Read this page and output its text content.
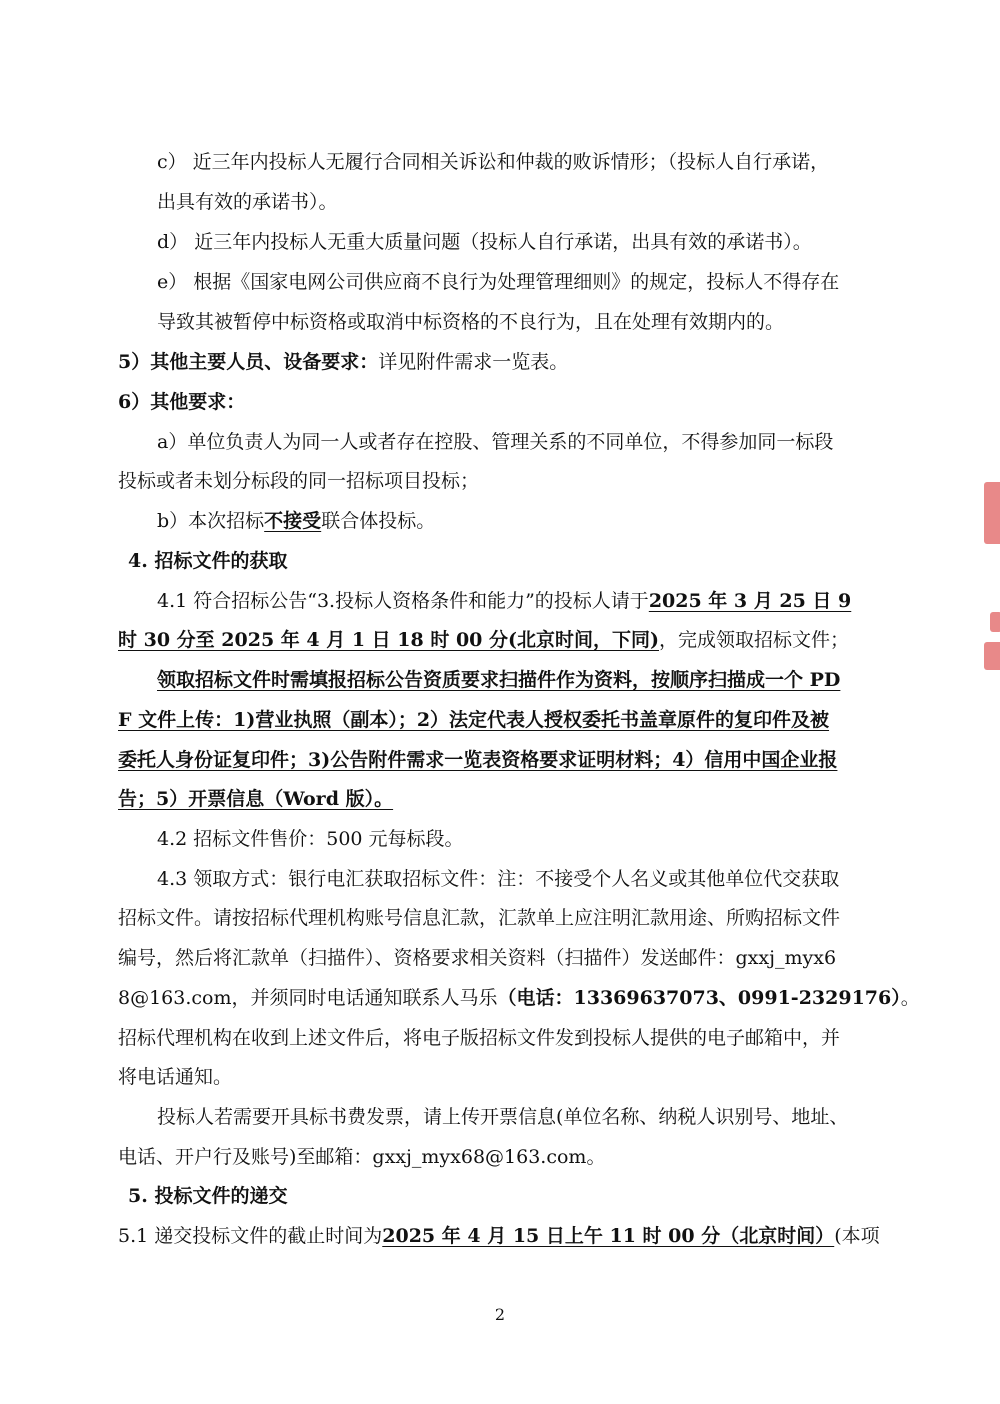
c） 近三年内投标人无履行合同相关诉讼和仲裁的败诉情形；（投标人自行承诺，
出具有效的承诺书）。
d） 近三年内投标人无重大质量问题（投标人自行承诺，出具有效的承诺书）。
e） 根据《国家电网公司供应商不良行为处理管理细则》的规定，投标人不得存在
导致其被暂停中标资格或取消中标资格的不良行为，且在处理有效期内的。
5）其他主要人员、设备要求：详见附件需求一览表。
6）其他要求：
a）单位负责人为同一人或者存在控股、管理关系的不同单位，不得参加同一标段
投标或者未划分标段的同一招标项目投标；
b）本次招标不接受联合体投标。
4. 招标文件的获取
4.1 符合招标公告“3.投标人资格条件和能力”的投标人请于2025 年 3 月 25 日 9
时 30 分至 2025 年 4 月 1 日 18 时 00 分(北京时间，下同)，完成领取招标文件；
领取招标文件时需填报招标公告资质要求扫描件作为资料，按顺序扫描成一个 PD
F 文件上传：1)营业执照（副本）；2）法定代表人授权委托书盖章原件的复印件及被
委托人身份证复印件；3)公告附件需求一览表资格要求证明材料；4）信用中国企业报
告；5）开票信息（Word 版）。
4.2 招标文件售价：500 元每标段。
4.3 领取方式：银行电汇获取招标文件：注：不接受个人名义或其他单位代交获取
招标文件。请按招标代理机构账号信息汇款，汇款单上应注明汇款用途、所购招标文件
编号，然后将汇款单（扫描件）、资格要求相关资料（扫描件）发送邮件：gxxj_myx6
8@163.com，并须同时电话通知联系人马乐（电话：13369637073、0991-2329176）。
招标代理机构在收到上述文件后，将电子版招标文件发到投标人提供的电子邮箱中，并
将电话通知。
投标人若需要开具标书费发票，请上传开票信息(单位名称、纳税人识别号、地址、
电话、开户行及账号)至邮箱：gxxj_myx68@163.com。
5. 投标文件的递交
5.1 递交投标文件的截止时间为2025 年 4 月 15 日上午 11 时 00 分（北京时间）(本项
2
